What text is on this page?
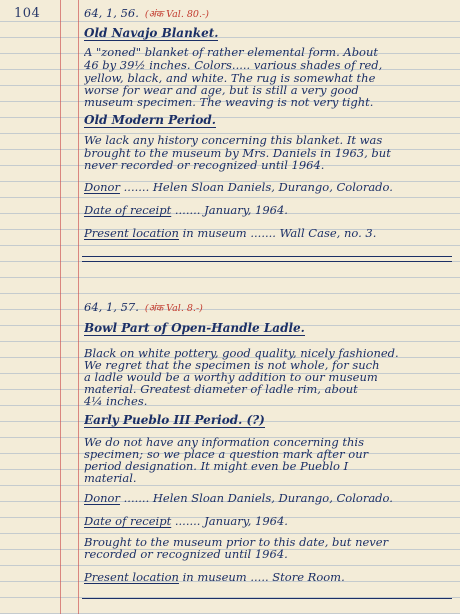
104	64, 1, 56. (अंक Val. 80.-)
Old Navajo Blanket.
A "zoned" blanket of rather elemental form. About
46 by 39½ inches. Colors..... various shades of red,
yellow, black, and white. The rug is somewhat the
worse for wear and age, but is still a very good
museum specimen. The weaving is not very tight.
Old Modern Period.
We lack any history concerning this blanket. It was
brought to the museum by Mrs. Daniels in 1963, but
never recorded or recognized until 1964.
Donor ....... Helen Sloan Daniels, Durango, Colorado.
Date of receipt ....... January, 1964.
Present location in museum ....... Wall Case, no. 3.
64, 1, 57. (अंक Val. 8.-)
Bowl Part of Open-Handle Ladle.
Black on white pottery, good quality, nicely fashioned.
We regret that the specimen is not whole, for such
a ladle would be a worthy addition to our museum
material. Greatest diameter of ladle rim, about
4¼ inches.
Early Pueblo III Period. (?)
We do not have any information concerning this
specimen; so we place a question mark after our
period designation. It might even be Pueblo I
material.
Donor ....... Helen Sloan Daniels, Durango, Colorado.
Date of receipt ....... January, 1964.
Brought to the museum prior to this date, but never
recorded or recognized until 1964.
Present location in museum ..... Store Room.
